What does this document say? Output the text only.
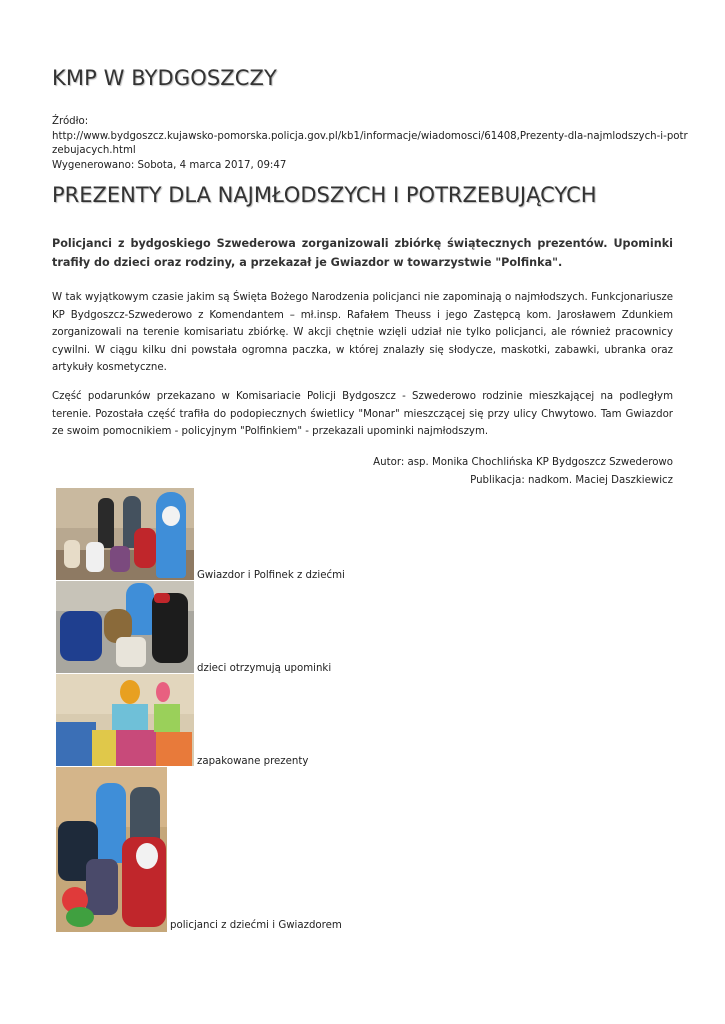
KMP W BYDGOSZCZY
Źródło:
http://www.bydgoszcz.kujawsko-pomorska.policja.gov.pl/kb1/informacje/wiadomosci/61408,Prezenty-dla-najmlodszych-i-potr
zebujacych.html
Wygenerowano: Sobota, 4 marca 2017, 09:47
PREZENTY DLA NAJMŁODSZYCH I POTRZEBUJĄCYCH

Policjanci z bydgoskiego Szwederowa zorganizowali zbiórkę świątecznych prezentów. Upominki trafiły do dzieci oraz rodziny, a przekazał je Gwiazdor w towarzystwie "Polfinka".

W tak wyjątkowym czasie jakim są Święta Bożego Narodzenia policjanci nie zapominają o najmłodszych. Funkcjonariusze KP Bydgoszcz-Szwederowo z Komendantem – mł.insp. Rafałem Theuss i jego Zastępcą kom. Jarosławem Zdunkiem zorganizowali na terenie komisariatu zbiórkę. W akcji chętnie wzięli udział nie tylko policjanci, ale również pracownicy cywilni. W ciągu kilku dni powstała ogromna paczka, w której znalazły się słodycze, maskotki, zabawki, ubranka oraz artykuły kosmetyczne.

Część podarunków przekazano w Komisariacie Policji Bydgoszcz - Szwederowo rodzinie mieszkającej na podległym terenie. Pozostała część trafiła do podopiecznych świetlicy "Monar" mieszczącej się przy ulicy Chwytowo. Tam Gwiazdor ze swoim pomocnikiem - policyjnym "Polfinkiem" - przekazali upominki najmłodszym.

Autor: asp. Monika Chochlińska KP Bydgoszcz Szwederowo
Publikacja: nadkom. Maciej Daszkiewicz
Gwiazdor i Polfinek z dziećmi
dzieci otrzymują upominki
zapakowane prezenty
policjanci z dziećmi i Gwiazdorem
